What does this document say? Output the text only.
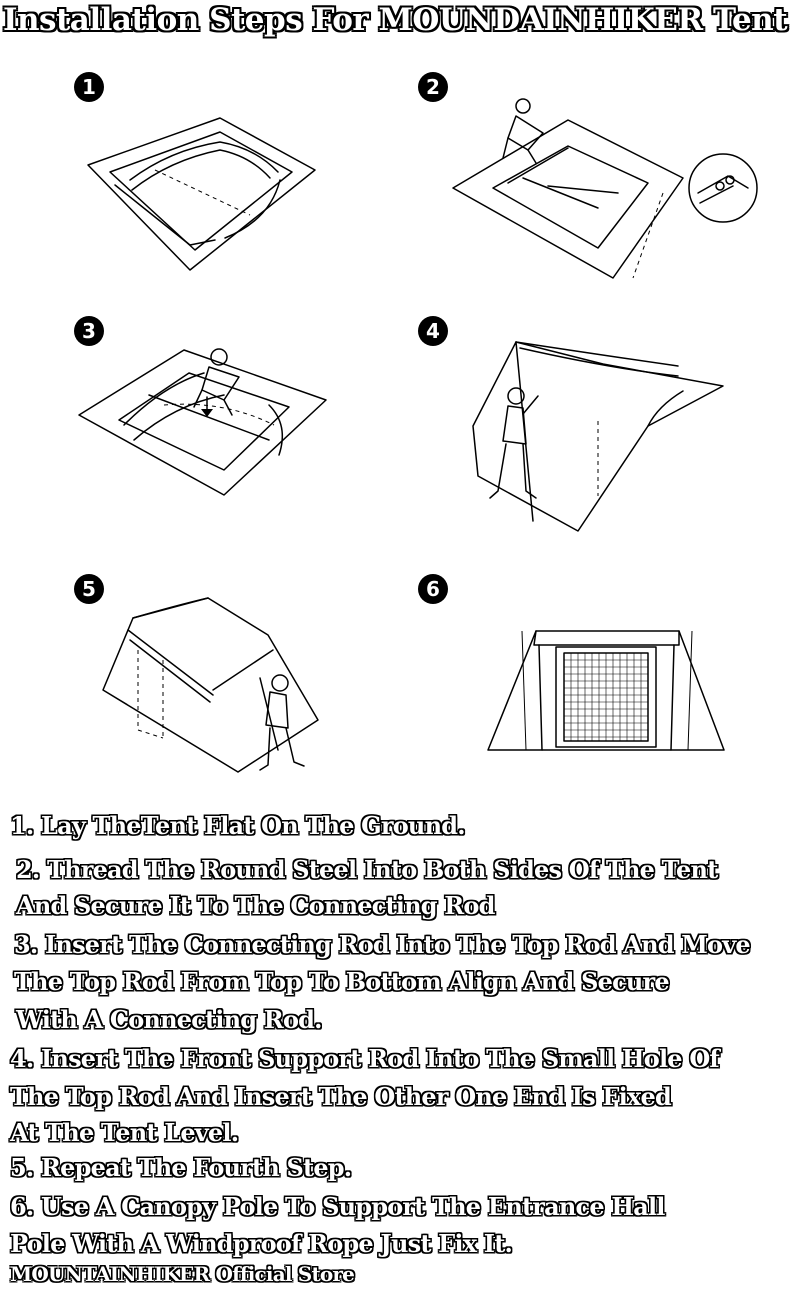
Installation Steps For MOUNDAINHIKER Tent
1	2
3	4
5	6
1. Lay TheTent Flat On The Ground.
2. Thread The Round Steel Into Both Sides Of The Tent
And Secure It To The Connecting Rod
3. Insert The Connecting Rod Into The Top Rod And Move
The Top Rod From Top To Bottom Align And Secure
With A Connecting Rod.
4. Insert The Front Support Rod Into The Small Hole Of
The Top Rod And Insert The Other One End Is Fixed
At The Tent Level.
5. Repeat The Fourth Step.
6. Use A Canopy Pole To Support The Entrance Hall
Pole With A Windproof Rope Just Fix It.
MOUNTAINHIKER Official Store
